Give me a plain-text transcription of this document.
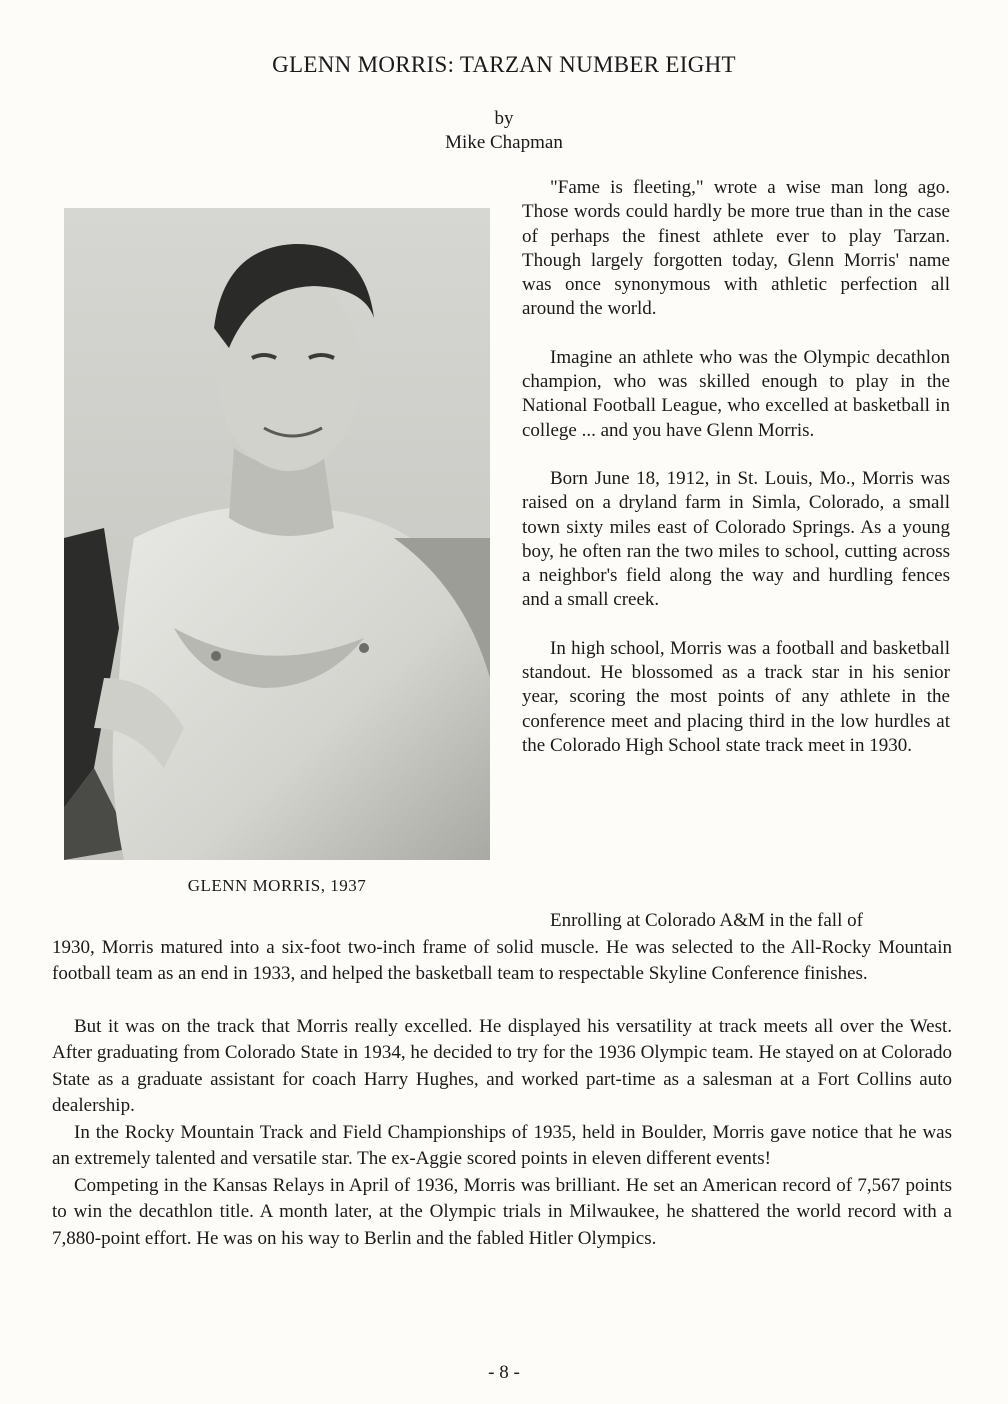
GLENN MORRIS: TARZAN NUMBER EIGHT
by
Mike Chapman
GLENN MORRIS, 1937

"Fame is fleeting," wrote a wise man long ago. Those words could hardly be more true than in the case of perhaps the finest athlete ever to play Tarzan. Though largely forgotten today, Glenn Morris' name was once synonymous with athletic perfection all around the world.

Imagine an athlete who was the Olympic decathlon champion, who was skilled enough to play in the National Football League, who excelled at basketball in college ... and you have Glenn Morris.

Born June 18, 1912, in St. Louis, Mo., Morris was raised on a dryland farm in Simla, Colorado, a small town sixty miles east of Colorado Springs. As a young boy, he often ran the two miles to school, cutting across a neighbor's field along the way and hurdling fences and a small creek.

In high school, Morris was a football and basketball standout. He blossomed as a track star in his senior year, scoring the most points of any athlete in the conference meet and placing third in the low hurdles at the Colorado High School state track meet in 1930.

Enrolling at Colorado A&M in the fall of

1930, Morris matured into a six-foot two-inch frame of solid muscle. He was selected to the All-Rocky Mountain football team as an end in 1933, and helped the basketball team to respectable Skyline Conference finishes.

But it was on the track that Morris really excelled. He displayed his versatility at track meets all over the West. After graduating from Colorado State in 1934, he decided to try for the 1936 Olympic team. He stayed on at Colorado State as a graduate assistant for coach Harry Hughes, and worked part-time as a salesman at a Fort Collins auto dealership.

In the Rocky Mountain Track and Field Championships of 1935, held in Boulder, Morris gave notice that he was an extremely talented and versatile star. The ex-Aggie scored points in eleven different events!

Competing in the Kansas Relays in April of 1936, Morris was brilliant. He set an American record of 7,567 points to win the decathlon title. A month later, at the Olympic trials in Milwaukee, he shattered the world record with a 7,880-point effort. He was on his way to Berlin and the fabled Hitler Olympics.

- 8 -
